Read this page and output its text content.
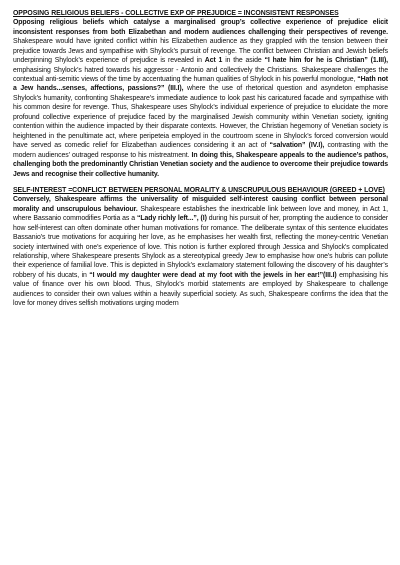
OPPOSING RELIGIOUS BELIEFS - COLLECTIVE EXP OF PREJUDICE = INCONSISTENT RESPONSES

Opposing religious beliefs which catalyse a marginalised group’s collective experience of prejudice elicit inconsistent responses from both Elizabethan and modern audiences challenging their perspectives of revenge. Shakespeare would have ignited conflict within his Elizabethen audience as they grappled with the tension between their prejudice towards Jews and sympathise with Shylock’s pursuit of revenge. The conflict between Christian and Jewish beliefs underpinning Shylock’s experience of prejudice is revealed in Act 1 in the aside “I hate him for he is Christian” (1.III), emphasising Shylock’s hatred towards his aggressor - Antonio and collectively the Christians. Shakespeare challenges the contextual anti-semitic views of the time by accentuating the human qualities of Shylock in his powerful monologue, “Hath not a Jew hands...senses, affections, passions?” (III.I), where the use of rhetorical question and asyndeton emphasise Shylock’s humanity, confronting Shakespeare’s immediate audience to look past his caricatured facade and sympathise with his common desire for revenge. Thus, Shakespeare uses Shylock’s individual experience of prejudice to elucidate the more profound collective experience of prejudice faced by the marginalised Jewish community within Venetian society, igniting contention within the audience impacted by their disparate contexts. However, the Christian hegemony of Venetian society is heightened in the penultimate act, where peripeteia employed in the courtroom scene in Shylock’s forced conversion would have served as comedic relief for Elizabethan audiences considering it an act of “salvation” (IV.I), contrasting with the modern audiences’ outraged response to his mistreatment. In doing this, Shakespeare appeals to the audience’s pathos, challenging both the predominantly Christian Venetian society and the audience to overcome their prejudice towards Jews and recognise their collective humanity.

SELF-INTEREST =CONFLICT BETWEEN PERSONAL MORALITY & UNSCRUPULOUS BEHAVIOUR (GREED + LOVE)

Conversely, Shakespeare affirms the universality of misguided self-interest causing conflict between personal morality and unscrupulous behaviour. Shakespeare establishes the inextricable link between love and money, in Act 1, where Bassanio commodifies Portia as a “Lady richly left...”, (I) during his pursuit of her, prompting the audience to consider how self-interest can often dominate other human motivations for romance. The deliberate syntax of this sentence elucidates Bassanio’s true motivations for acquiring her love, as he emphasises her wealth first, reflecting the money-centric Venetian society intertwined with one’s experience of love. This notion is further explored through Jessica and Shylock’s complicated relationship, where Shakespeare presents Shylock as a stereotypical greedy Jew to emphasise how one’s hubris can pollute their experience of familial love. This is depicted in Shylock’s exclamatory statement following the discovery of his daughter’s robbery of his ducats, in “I would my daughter were dead at my foot with the jewels in her ear!”(III.I) emphasising his value of finance over his own blood. Thus, Shylock’s morbid statements are employed by Shakespeare to challenge audiences to consider their own values within a heavily superficial society. As such, Shakespeare confirms the idea that the love for money drives selfish motivations urging modern
